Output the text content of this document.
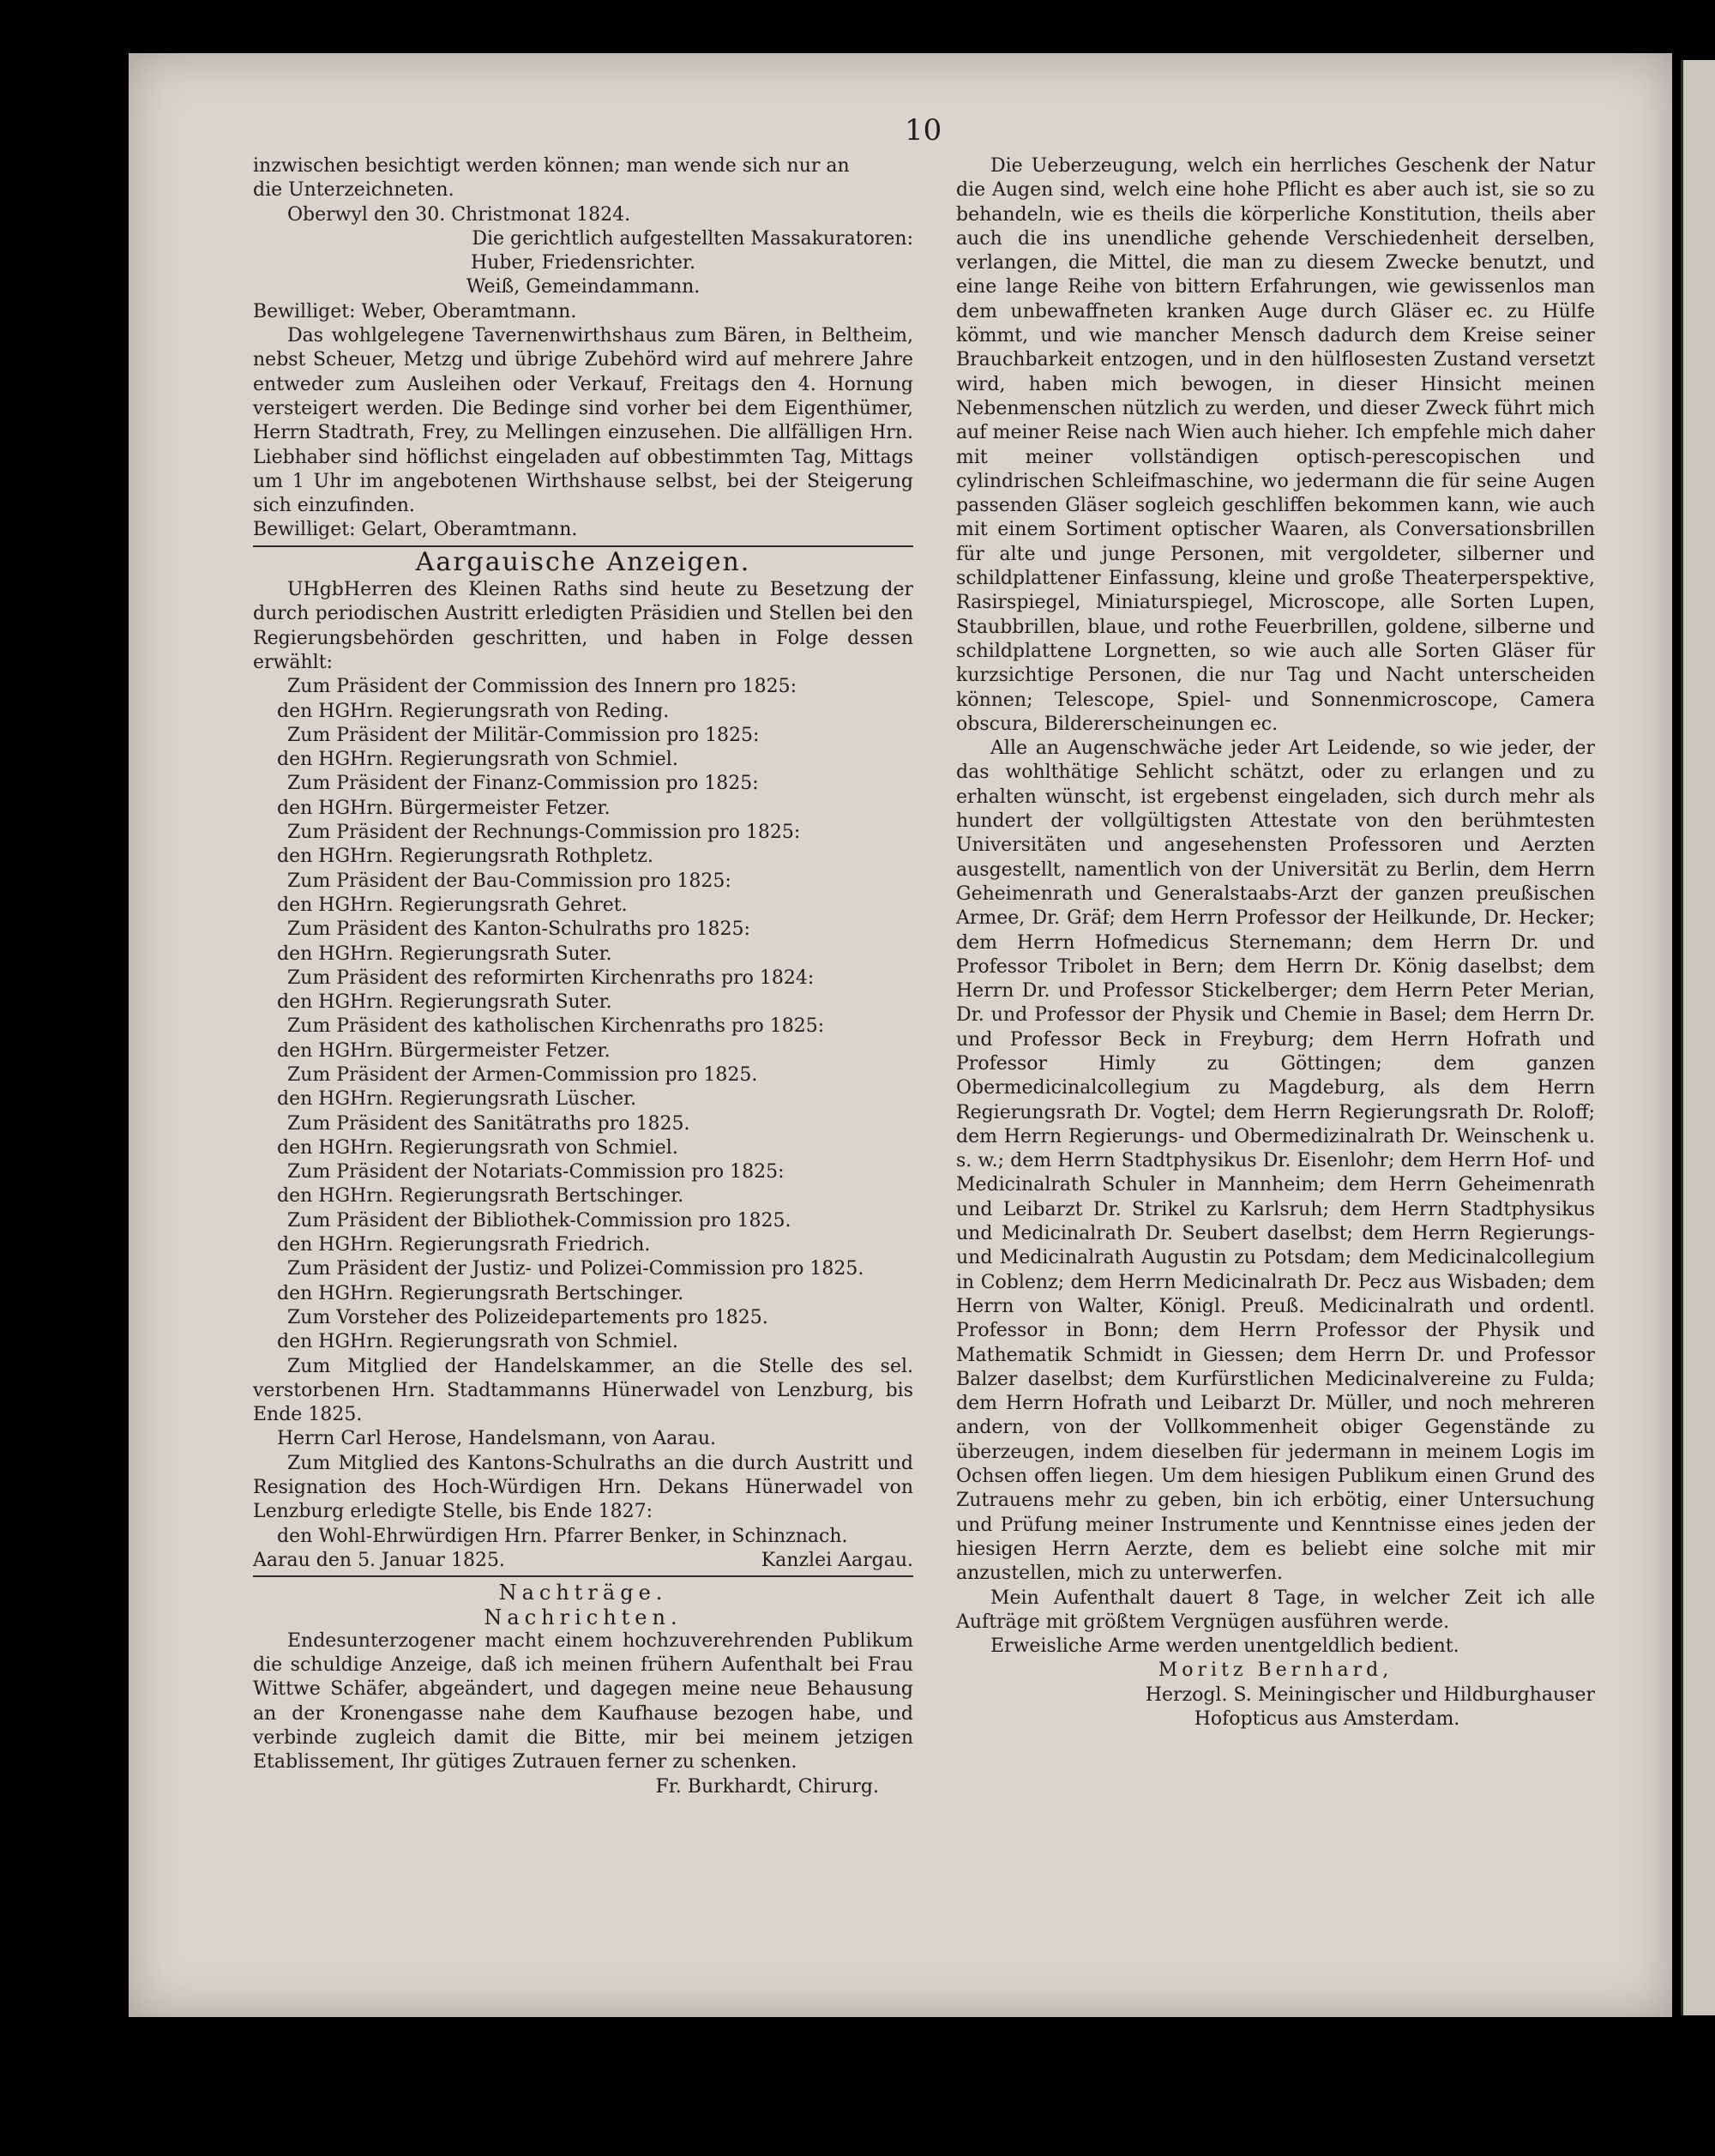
10

inzwischen besichtigt werden können; man wende sich nur an

die Unterzeichneten.

Oberwyl den 30. Christmonat 1824.

Die gerichtlich aufgestellten Massakuratoren:

Huber, Friedensrichter.

Weiß, Gemeindammann.

Bewilliget: Weber, Oberamtmann.

Das wohlgelegene Tavernenwirthshaus zum Bären, in Beltheim, nebst Scheuer, Metzg und übrige Zubehörd wird auf mehrere Jahre entweder zum Ausleihen oder Verkauf, Freitags den 4. Hornung versteigert werden. Die Bedinge sind vorher bei dem Eigenthümer, Herrn Stadtrath, Frey, zu Mellingen einzusehen. Die allfälligen Hrn. Liebhaber sind höflichst eingeladen auf obbestimmten Tag, Mittags um 1 Uhr im angebotenen Wirthshause selbst, bei der Steigerung sich einzufinden.

Bewilliget: Gelart, Oberamtmann.

Aargauische Anzeigen.

UHgbHerren des Kleinen Raths sind heute zu Besetzung der durch periodischen Austritt erledigten Präsidien und Stellen bei den Regierungsbehörden geschritten, und haben in Folge dessen erwählt:

Zum Präsident der Commission des Innern pro 1825:

den HGHrn. Regierungsrath von Reding.

Zum Präsident der Militär-Commission pro 1825:

den HGHrn. Regierungsrath von Schmiel.

Zum Präsident der Finanz-Commission pro 1825:

den HGHrn. Bürgermeister Fetzer.

Zum Präsident der Rechnungs-Commission pro 1825:

den HGHrn. Regierungsrath Rothpletz.

Zum Präsident der Bau-Commission pro 1825:

den HGHrn. Regierungsrath Gehret.

Zum Präsident des Kanton-Schulraths pro 1825:

den HGHrn. Regierungsrath Suter.

Zum Präsident des reformirten Kirchenraths pro 1824:

den HGHrn. Regierungsrath Suter.

Zum Präsident des katholischen Kirchenraths pro 1825:

den HGHrn. Bürgermeister Fetzer.

Zum Präsident der Armen-Commission pro 1825.

den HGHrn. Regierungsrath Lüscher.

Zum Präsident des Sanitätraths pro 1825.

den HGHrn. Regierungsrath von Schmiel.

Zum Präsident der Notariats-Commission pro 1825:

den HGHrn. Regierungsrath Bertschinger.

Zum Präsident der Bibliothek-Commission pro 1825.

den HGHrn. Regierungsrath Friedrich.

Zum Präsident der Justiz- und Polizei-Commission pro 1825.

den HGHrn. Regierungsrath Bertschinger.

Zum Vorsteher des Polizeidepartements pro 1825.

den HGHrn. Regierungsrath von Schmiel.

Zum Mitglied der Handelskammer, an die Stelle des sel. verstorbenen Hrn. Stadtammanns Hünerwadel von Lenzburg, bis Ende 1825.

Herrn Carl Herose, Handelsmann, von Aarau.

Zum Mitglied des Kantons-Schulraths an die durch Austritt und Resignation des Hoch-Würdigen Hrn. Dekans Hünerwadel von Lenzburg erledigte Stelle, bis Ende 1827:

den Wohl-Ehrwürdigen Hrn. Pfarrer Benker, in Schinznach.

Aarau den 5. Januar 1825.	Kanzlei Aargau.

Nachträge.

Nachrichten.

Endesunterzogener macht einem hochzuverehrenden Publikum die schuldige Anzeige, daß ich meinen frühern Aufenthalt bei Frau Wittwe Schäfer, abgeändert, und dagegen meine neue Behausung an der Kronengasse nahe dem Kaufhause bezogen habe, und verbinde zugleich damit die Bitte, mir bei meinem jetzigen Etablissement, Ihr gütiges Zutrauen ferner zu schenken.

Fr. Burkhardt, Chirurg.

Die Ueberzeugung, welch ein herrliches Geschenk der Natur die Augen sind, welch eine hohe Pflicht es aber auch ist, sie so zu behandeln, wie es theils die körperliche Konstitution, theils aber auch die ins unendliche gehende Verschiedenheit derselben, verlangen, die Mittel, die man zu diesem Zwecke benutzt, und eine lange Reihe von bittern Erfahrungen, wie gewissenlos man dem unbewaffneten kranken Auge durch Gläser ec. zu Hülfe kömmt, und wie mancher Mensch dadurch dem Kreise seiner Brauchbarkeit entzogen, und in den hülflosesten Zustand versetzt wird, haben mich bewogen, in dieser Hinsicht meinen Nebenmenschen nützlich zu werden, und dieser Zweck führt mich auf meiner Reise nach Wien auch hieher. Ich empfehle mich daher mit meiner vollständigen optisch-perescopischen und cylindrischen Schleifmaschine, wo jedermann die für seine Augen passenden Gläser sogleich geschliffen bekommen kann, wie auch mit einem Sortiment optischer Waaren, als Conversationsbrillen für alte und junge Personen, mit vergoldeter, silberner und schildplattener Einfassung, kleine und große Theaterperspektive, Rasirspiegel, Miniaturspiegel, Microscope, alle Sorten Lupen, Staubbrillen, blaue, und rothe Feuerbrillen, goldene, silberne und schildplattene Lorgnetten, so wie auch alle Sorten Gläser für kurzsichtige Personen, die nur Tag und Nacht unterscheiden können; Telescope, Spiel- und Sonnenmicroscope, Camera obscura, Bildererscheinungen ec.

Alle an Augenschwäche jeder Art Leidende, so wie jeder, der das wohlthätige Sehlicht schätzt, oder zu erlangen und zu erhalten wünscht, ist ergebenst eingeladen, sich durch mehr als hundert der vollgültigsten Attestate von den berühmtesten Universitäten und angesehensten Professoren und Aerzten ausgestellt, namentlich von der Universität zu Berlin, dem Herrn Geheimenrath und Generalstaabs-Arzt der ganzen preußischen Armee, Dr. Gräf; dem Herrn Professor der Heilkunde, Dr. Hecker; dem Herrn Hofmedicus Sternemann; dem Herrn Dr. und Professor Tribolet in Bern; dem Herrn Dr. König daselbst; dem Herrn Dr. und Professor Stickelberger; dem Herrn Peter Merian, Dr. und Professor der Physik und Chemie in Basel; dem Herrn Dr. und Professor Beck in Freyburg; dem Herrn Hofrath und Professor Himly zu Göttingen; dem ganzen Obermedicinalcollegium zu Magdeburg, als dem Herrn Regierungsrath Dr. Vogtel; dem Herrn Regierungsrath Dr. Roloff; dem Herrn Regierungs- und Obermedizinalrath Dr. Weinschenk u. s. w.; dem Herrn Stadtphysikus Dr. Eisenlohr; dem Herrn Hof- und Medicinalrath Schuler in Mannheim; dem Herrn Geheimenrath und Leibarzt Dr. Strikel zu Karlsruh; dem Herrn Stadtphysikus und Medicinalrath Dr. Seubert daselbst; dem Herrn Regierungs- und Medicinalrath Augustin zu Potsdam; dem Medicinalcollegium in Coblenz; dem Herrn Medicinalrath Dr. Pecz aus Wisbaden; dem Herrn von Walter, Königl. Preuß. Medicinalrath und ordentl. Professor in Bonn; dem Herrn Professor der Physik und Mathematik Schmidt in Giessen; dem Herrn Dr. und Professor Balzer daselbst; dem Kurfürstlichen Medicinalvereine zu Fulda; dem Herrn Hofrath und Leibarzt Dr. Müller, und noch mehreren andern, von der Vollkommenheit obiger Gegenstände zu überzeugen, indem dieselben für jedermann in meinem Logis im Ochsen offen liegen. Um dem hiesigen Publikum einen Grund des Zutrauens mehr zu geben, bin ich erbötig, einer Untersuchung und Prüfung meiner Instrumente und Kenntnisse eines jeden der hiesigen Herrn Aerzte, dem es beliebt eine solche mit mir anzustellen, mich zu unterwerfen.

Mein Aufenthalt dauert 8 Tage, in welcher Zeit ich alle Aufträge mit größtem Vergnügen ausführen werde.

Erweisliche Arme werden unentgeldlich bedient.

Moritz Bernhard,

Herzogl. S. Meiningischer und Hildburghauser

Hofopticus aus Amsterdam.
